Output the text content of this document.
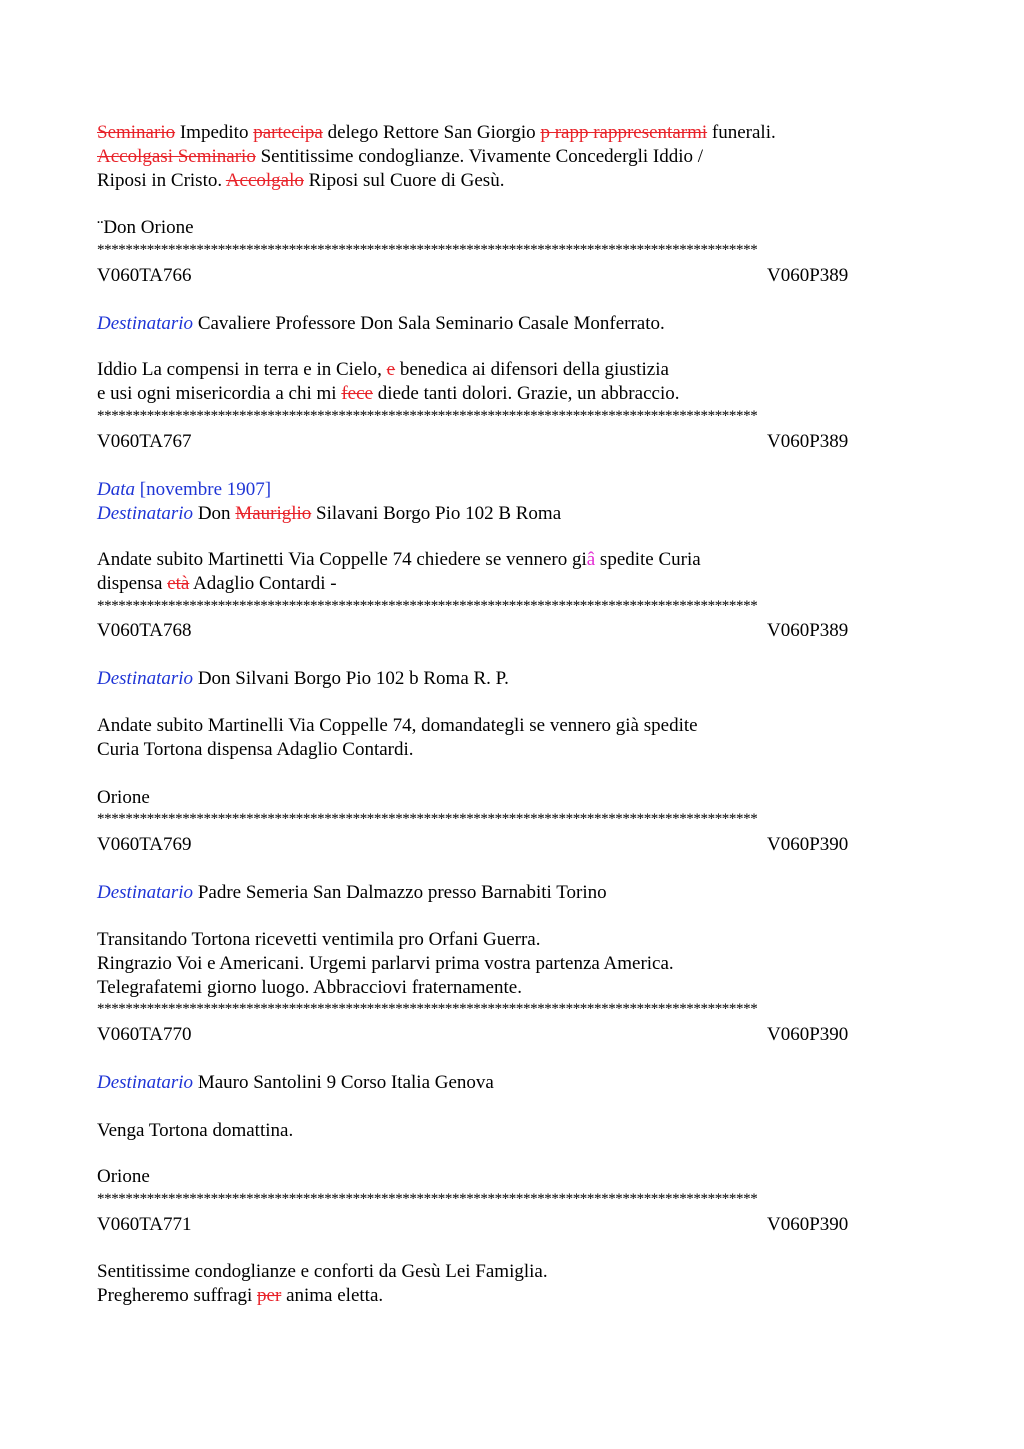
Seminario Impedito partecipa delego Rettore San Giorgio p rapp rappresentarmi funerali.
Accolgasi Seminario Sentitissime condoglianze. Vivamente Concedergli Iddio /
Riposi in Cristo. Accolgalo Riposi sul Cuore di Gesù.
¨Don Orione
*********************************************************************************************
V060TA766	V060P389
Destinatario Cavaliere Professore Don Sala Seminario Casale Monferrato.
Iddio La compensi in terra e in Cielo, e benedica ai difensori della giustizia
e usi ogni misericordia a chi mi fece diede tanti dolori. Grazie, un abbraccio.
*********************************************************************************************
V060TA767	V060P389
Data [novembre 1907]
Destinatario Don Mauriglio Silavani Borgo Pio 102 B Roma
Andate subito Martinetti Via Coppelle 74 chiedere se vennero giâ spedite Curia
dispensa età Adaglio Contardi -
*********************************************************************************************
V060TA768	V060P389
Destinatario Don Silvani Borgo Pio 102 b Roma R. P.
Andate subito Martinelli Via Coppelle 74, domandategli se vennero già spedite
Curia Tortona dispensa Adaglio Contardi.
Orione
*********************************************************************************************
V060TA769	V060P390
Destinatario Padre Semeria San Dalmazzo presso Barnabiti Torino
Transitando Tortona ricevetti ventimila pro Orfani Guerra.
Ringrazio Voi e Americani. Urgemi parlarvi prima vostra partenza America.
Telegrafatemi giorno luogo. Abbracciovi fraternamente.
*********************************************************************************************
V060TA770	V060P390
Destinatario Mauro Santolini 9 Corso Italia Genova
Venga Tortona domattina.
Orione
*********************************************************************************************
V060TA771	V060P390
Sentitissime condoglianze e conforti da Gesù Lei Famiglia.
Pregheremo suffragi per anima eletta.
